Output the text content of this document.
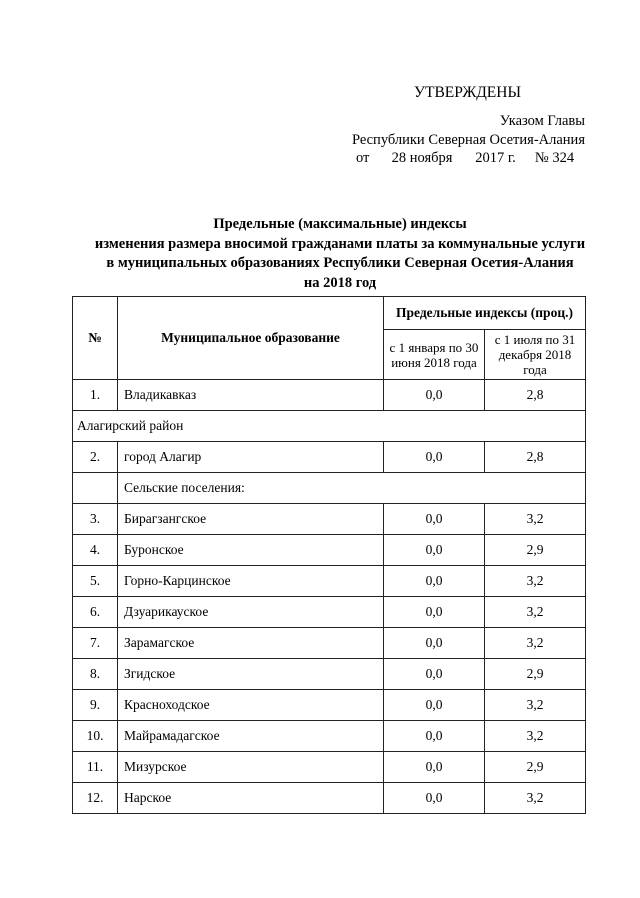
УТВЕРЖДЕНЫ
Указом Главы
Республики Северная Осетия-Алания
от 28 ноября 2017 г. № 324
Предельные (максимальные) индексы
изменения размера вносимой гражданами платы за коммунальные услуги
в муниципальных образованиях Республики Северная Осетия-Алания
на 2018 год
№	Муниципальное образование	Предельные индексы (проц.)	
		с 1 января по 30 июня 2018 года	с 1 июля по 31 декабря 2018 года
1.	Владикавказ	0,0	2,8
Алагирский район			
2.	город Алагир	0,0	2,8
	Сельские поселения:		
3.	Бирагзангское	0,0	3,2
4.	Буронское	0,0	2,9
5.	Горно-Карцинское	0,0	3,2
6.	Дзуарикауское	0,0	3,2
7.	Зарамагское	0,0	3,2
8.	Згидское	0,0	2,9
9.	Красноходское	0,0	3,2
10.	Майрамадагское	0,0	3,2
11.	Мизурское	0,0	2,9
12.	Нарское	0,0	3,2
